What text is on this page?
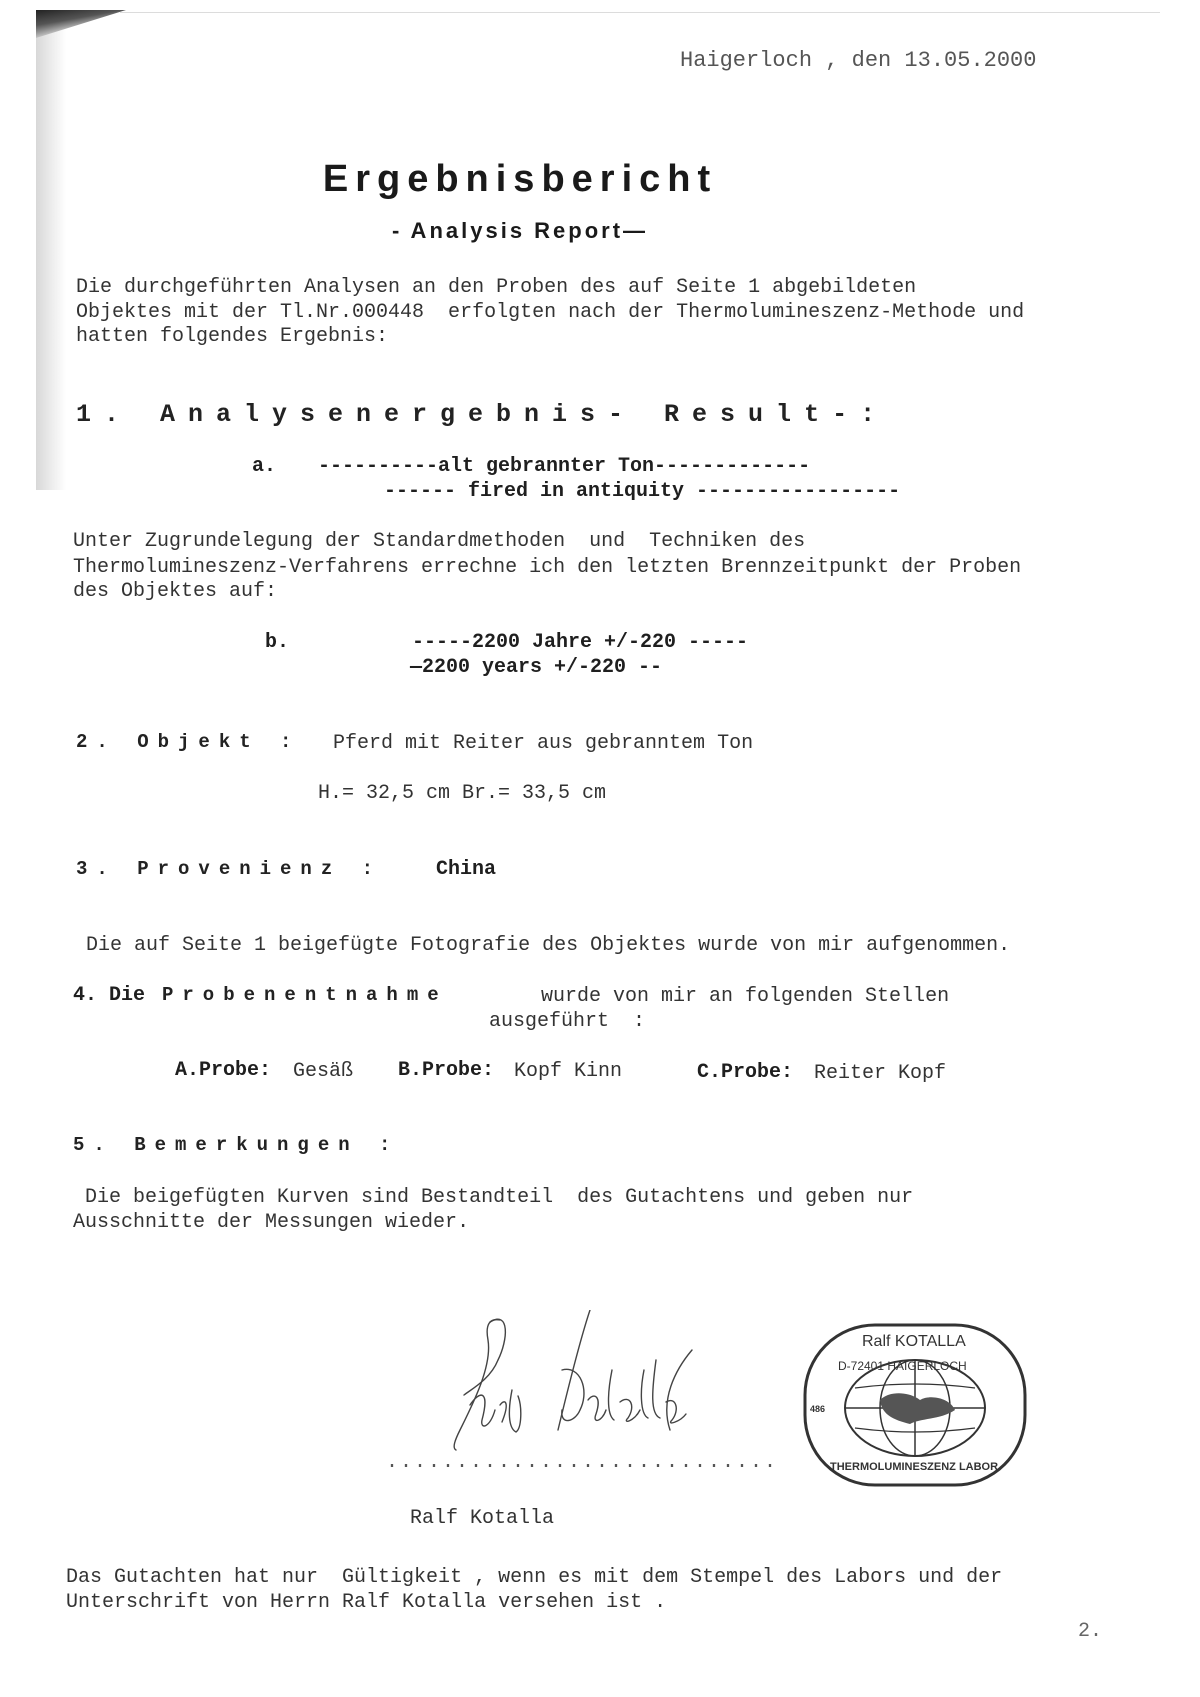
Haigerloch , den 13.05.2000
Ergebnisbericht
- Analysis Report—
Die durchgeführten Analysen an den Proben des auf Seite 1 abgebildeten
Objektes mit der Tl.Nr.000448  erfolgten nach der Thermolumineszenz-Methode und
hatten folgendes Ergebnis:
1. Analysenergebnis- Result-:
a. ----------alt gebrannter Ton-------------
------ fired in antiquity -----------------
Unter Zugrundelegung der Standardmethoden  und  Techniken des
Thermolumineszenz-Verfahrens errechne ich den letzten Brennzeitpunkt der Proben
des Objektes auf:
b.	-----2200 Jahre +/-220 -----
—2200 years +/-220 --
2. Objekt : Pferd mit Reiter aus gebranntem Ton
H.= 32,5 cm Br.= 33,5 cm
3. Provenienz :	China
Die auf Seite 1 beigefügte Fotografie des Objektes wurde von mir aufgenommen.
4. Die Probenentnahme	wurde von mir an folgenden Stellen
ausgeführt  :
A.Probe: Gesäß B.Probe: Kopf Kinn	C.Probe: Reiter Kopf
5. Bemerkungen :
Die beigefügten Kurven sind Bestandteil  des Gutachtens und geben nur
Ausschnitte der Messungen wieder.
............................
Ralf Kotalla
Ralf KOTALLA
D-72401 HAIGERLOCH
486
THERMOLUMINESZENZ LABOR
Das Gutachten hat nur  Gültigkeit , wenn es mit dem Stempel des Labors und der
Unterschrift von Herrn Ralf Kotalla versehen ist .
2.
